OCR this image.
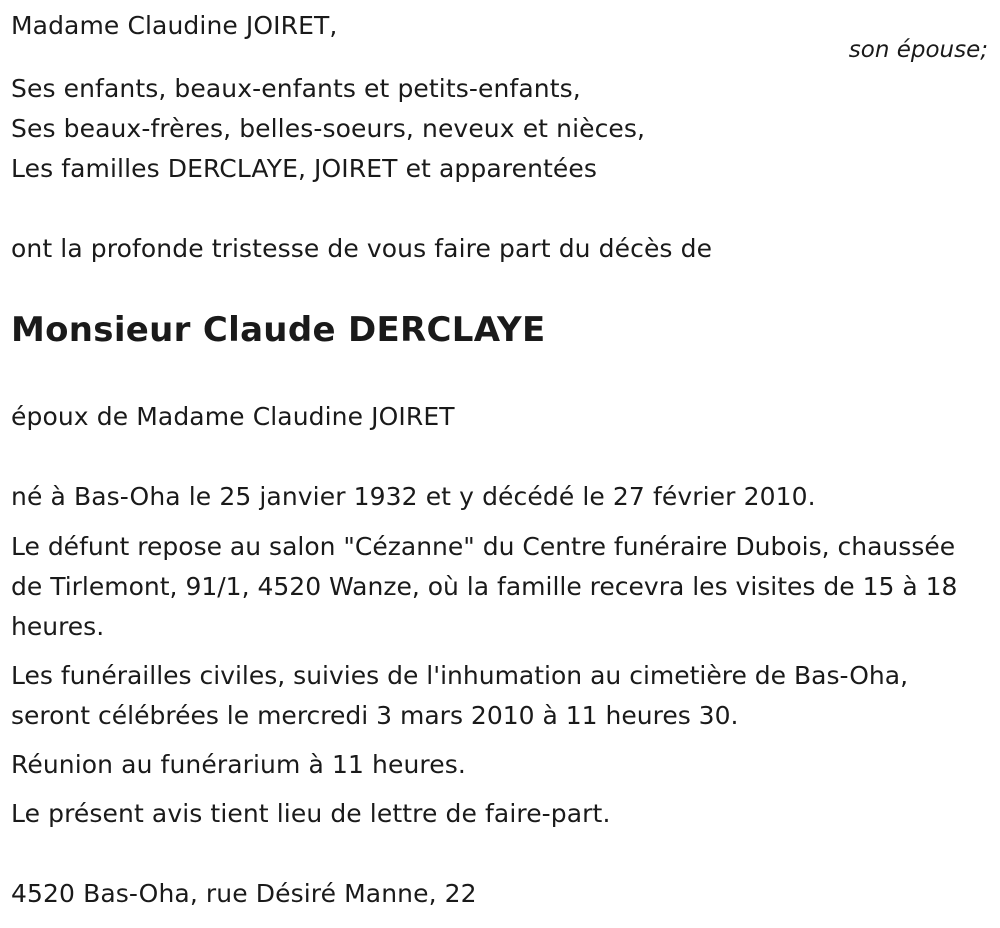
Madame Claudine JOIRET,

son épouse;

Ses enfants, beaux-enfants et petits-enfants,

Ses beaux-frères, belles-soeurs, neveux et nièces,

Les familles DERCLAYE, JOIRET et apparentées

ont la profonde tristesse de vous faire part du décès de

Monsieur Claude DERCLAYE

époux de Madame Claudine JOIRET

né à Bas-Oha le 25 janvier 1932 et y décédé le 27 février 2010.

Le défunt repose au salon "Cézanne" du Centre funéraire Dubois, chaussée de Tirlemont, 91/1, 4520 Wanze, où la famille recevra les visites de 15 à 18 heures.

Les funérailles civiles, suivies de l'inhumation au cimetière de Bas-Oha, seront célébrées le mercredi 3 mars 2010 à 11 heures 30.

Réunion au funérarium à 11 heures.

Le présent avis tient lieu de lettre de faire-part.

4520 Bas-Oha, rue Désiré Manne, 22
